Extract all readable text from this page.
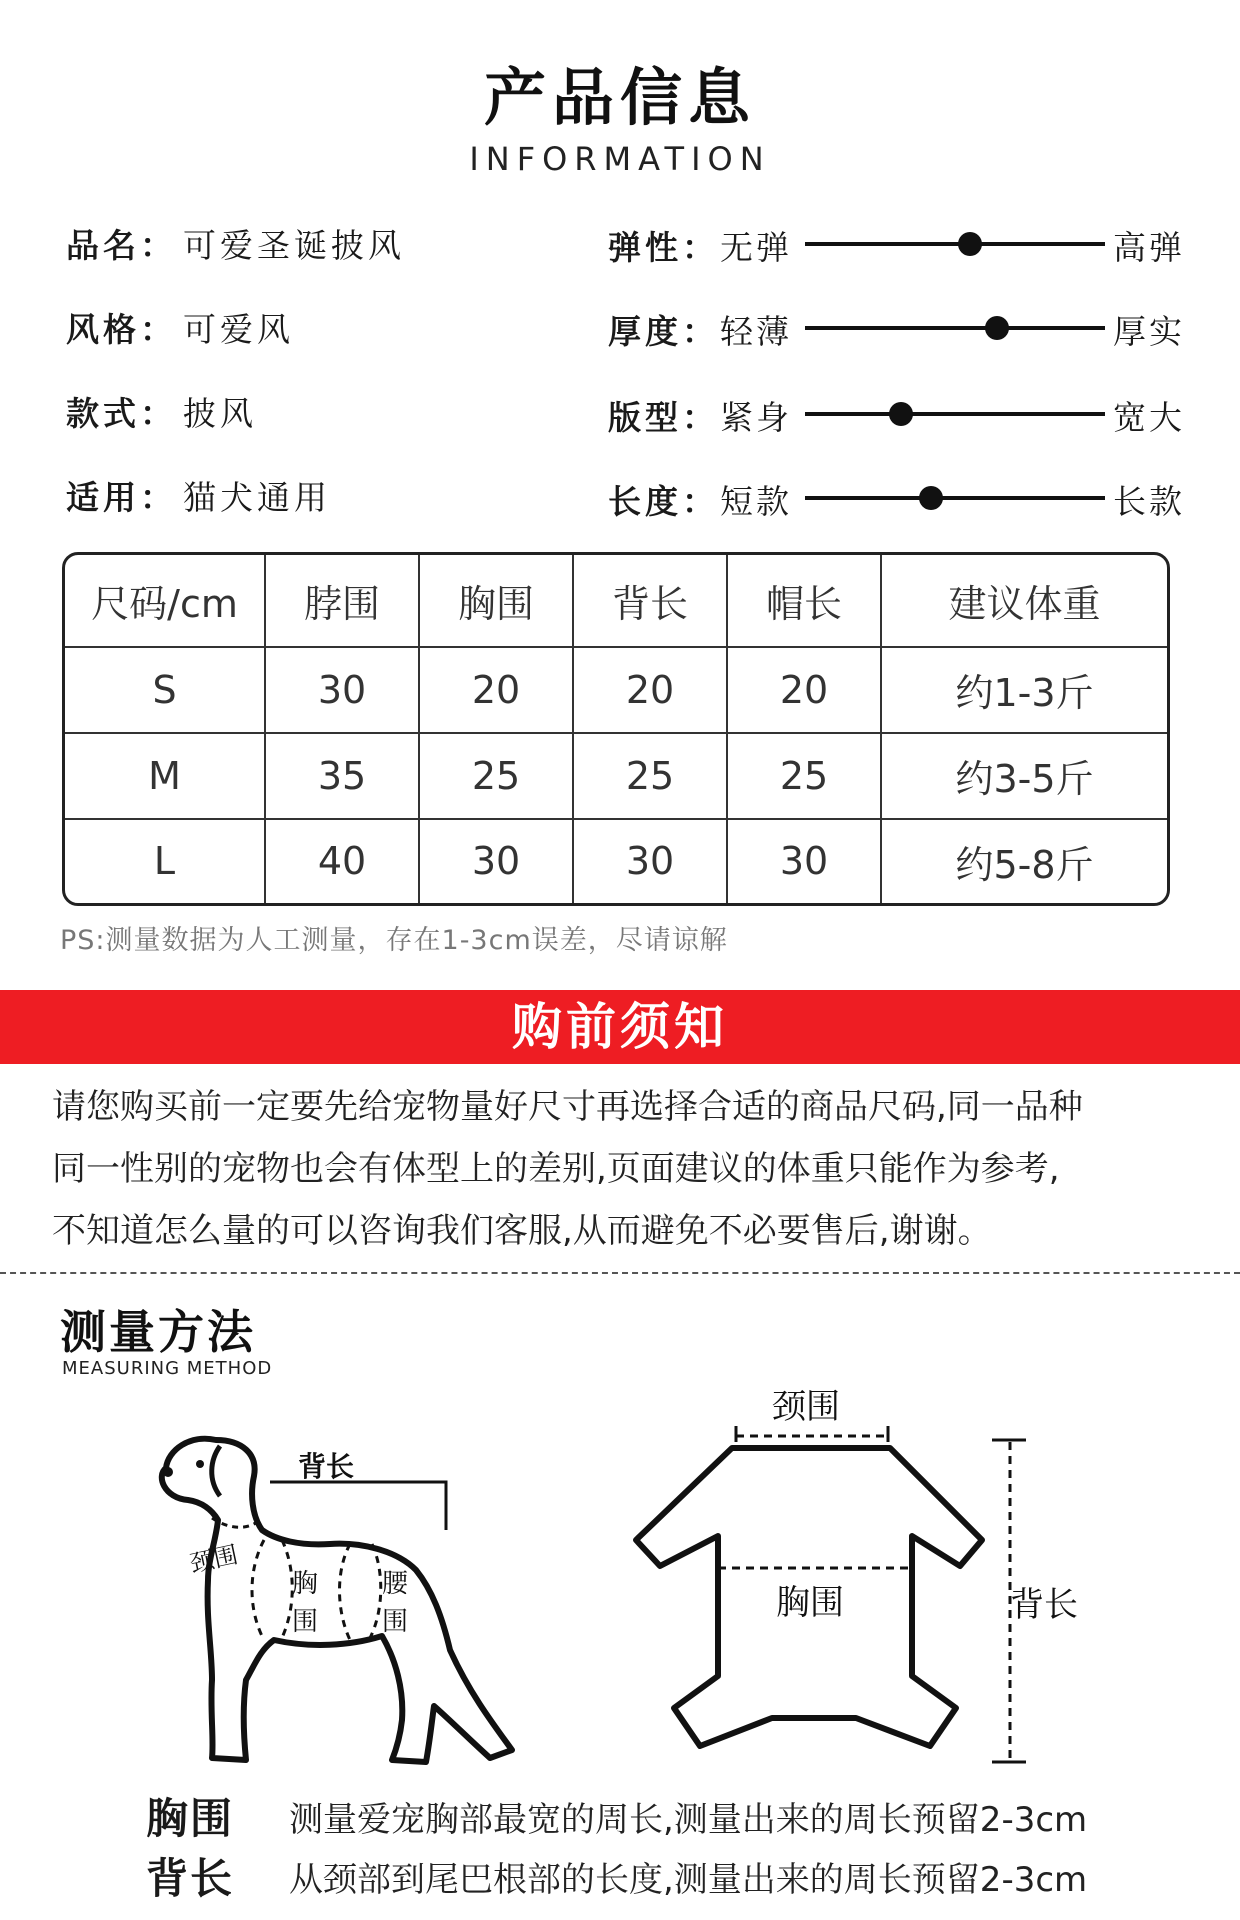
产品信息
INFORMATION
品名： 可爱圣诞披风
风格： 可爱风
款式： 披风
适用： 猫犬通用
弹性： 无弹	高弹
厚度： 轻薄	厚实
版型： 紧身	宽大
长度： 短款	长款
尺码/cm	脖围	胸围	背长	帽长	建议体重
S	30	20	20	20	约1-3斤
M	35	25	25	25	约3-5斤
L	40	30	30	30	约5-8斤
PS:测量数据为人工测量，存在1-3cm误差，尽请谅解
购前须知
请您购买前一定要先给宠物量好尺寸再选择合适的商品尺码,同一品种
同一性别的宠物也会有体型上的差别,页面建议的体重只能作为参考,
不知道怎么量的可以咨询我们客服,从而避免不必要售后,谢谢。
测量方法
MEASURING METHOD
背长
颈围
胸
围
腰
围
颈围
胸围	背长
胸围	测量爱宠胸部最宽的周长,测量出来的周长预留2-3cm
背长	从颈部到尾巴根部的长度,测量出来的周长预留2-3cm
